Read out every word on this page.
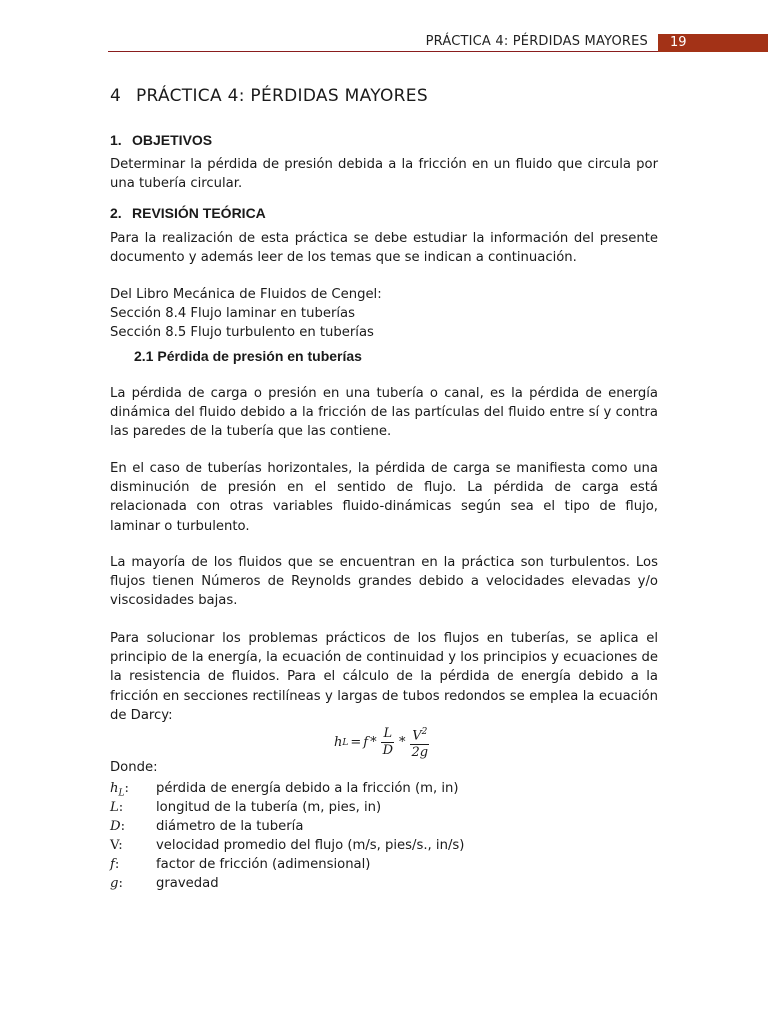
PRÁCTICA 4: PÉRDIDAS MAYORES 19
4 PRÁCTICA 4: PÉRDIDAS MAYORES
1. OBJETIVOS
Determinar la pérdida de presión debida a la fricción en un fluido que circula por una tubería circular.
2. REVISIÓN TEÓRICA
Para la realización de esta práctica se debe estudiar la información del presente documento y además leer de los temas que se indican a continuación.
Del Libro Mecánica de Fluidos de Cengel:
Sección 8.4 Flujo laminar en tuberías
Sección 8.5 Flujo turbulento en tuberías
2.1 Pérdida de presión en tuberías
La pérdida de carga o presión en una tubería o canal, es la pérdida de energía dinámica del fluido debido a la fricción de las partículas del fluido entre sí y contra las paredes de la tubería que las contiene.
En el caso de tuberías horizontales, la pérdida de carga se manifiesta como una disminución de presión en el sentido de flujo. La pérdida de carga está relacionada con otras variables fluido-dinámicas según sea el tipo de flujo, laminar o turbulento.
La mayoría de los fluidos que se encuentran en la práctica son turbulentos. Los flujos tienen Números de Reynolds grandes debido a velocidades elevadas y/o viscosidades bajas.
Para solucionar los problemas prácticos de los flujos en tuberías, se aplica el principio de la energía, la ecuación de continuidad y los principios y ecuaciones de la resistencia de fluidos. Para el cálculo de la pérdida de energía debido a la fricción en secciones rectilíneas y largas de tubos redondos se emplea la ecuación de Darcy:
h $L = f * \frac{L}{D} * \frac{V^2}{2g}$
Donde:
$h_L$:	pérdida de energía debido a la fricción (m, in)
L:	longitud de la tubería (m, pies, in)
D:	diámetro de la tubería
V:	velocidad promedio del flujo (m/s, pies/s., in/s)
f:	factor de fricción (adimensional)
g:	gravedad
